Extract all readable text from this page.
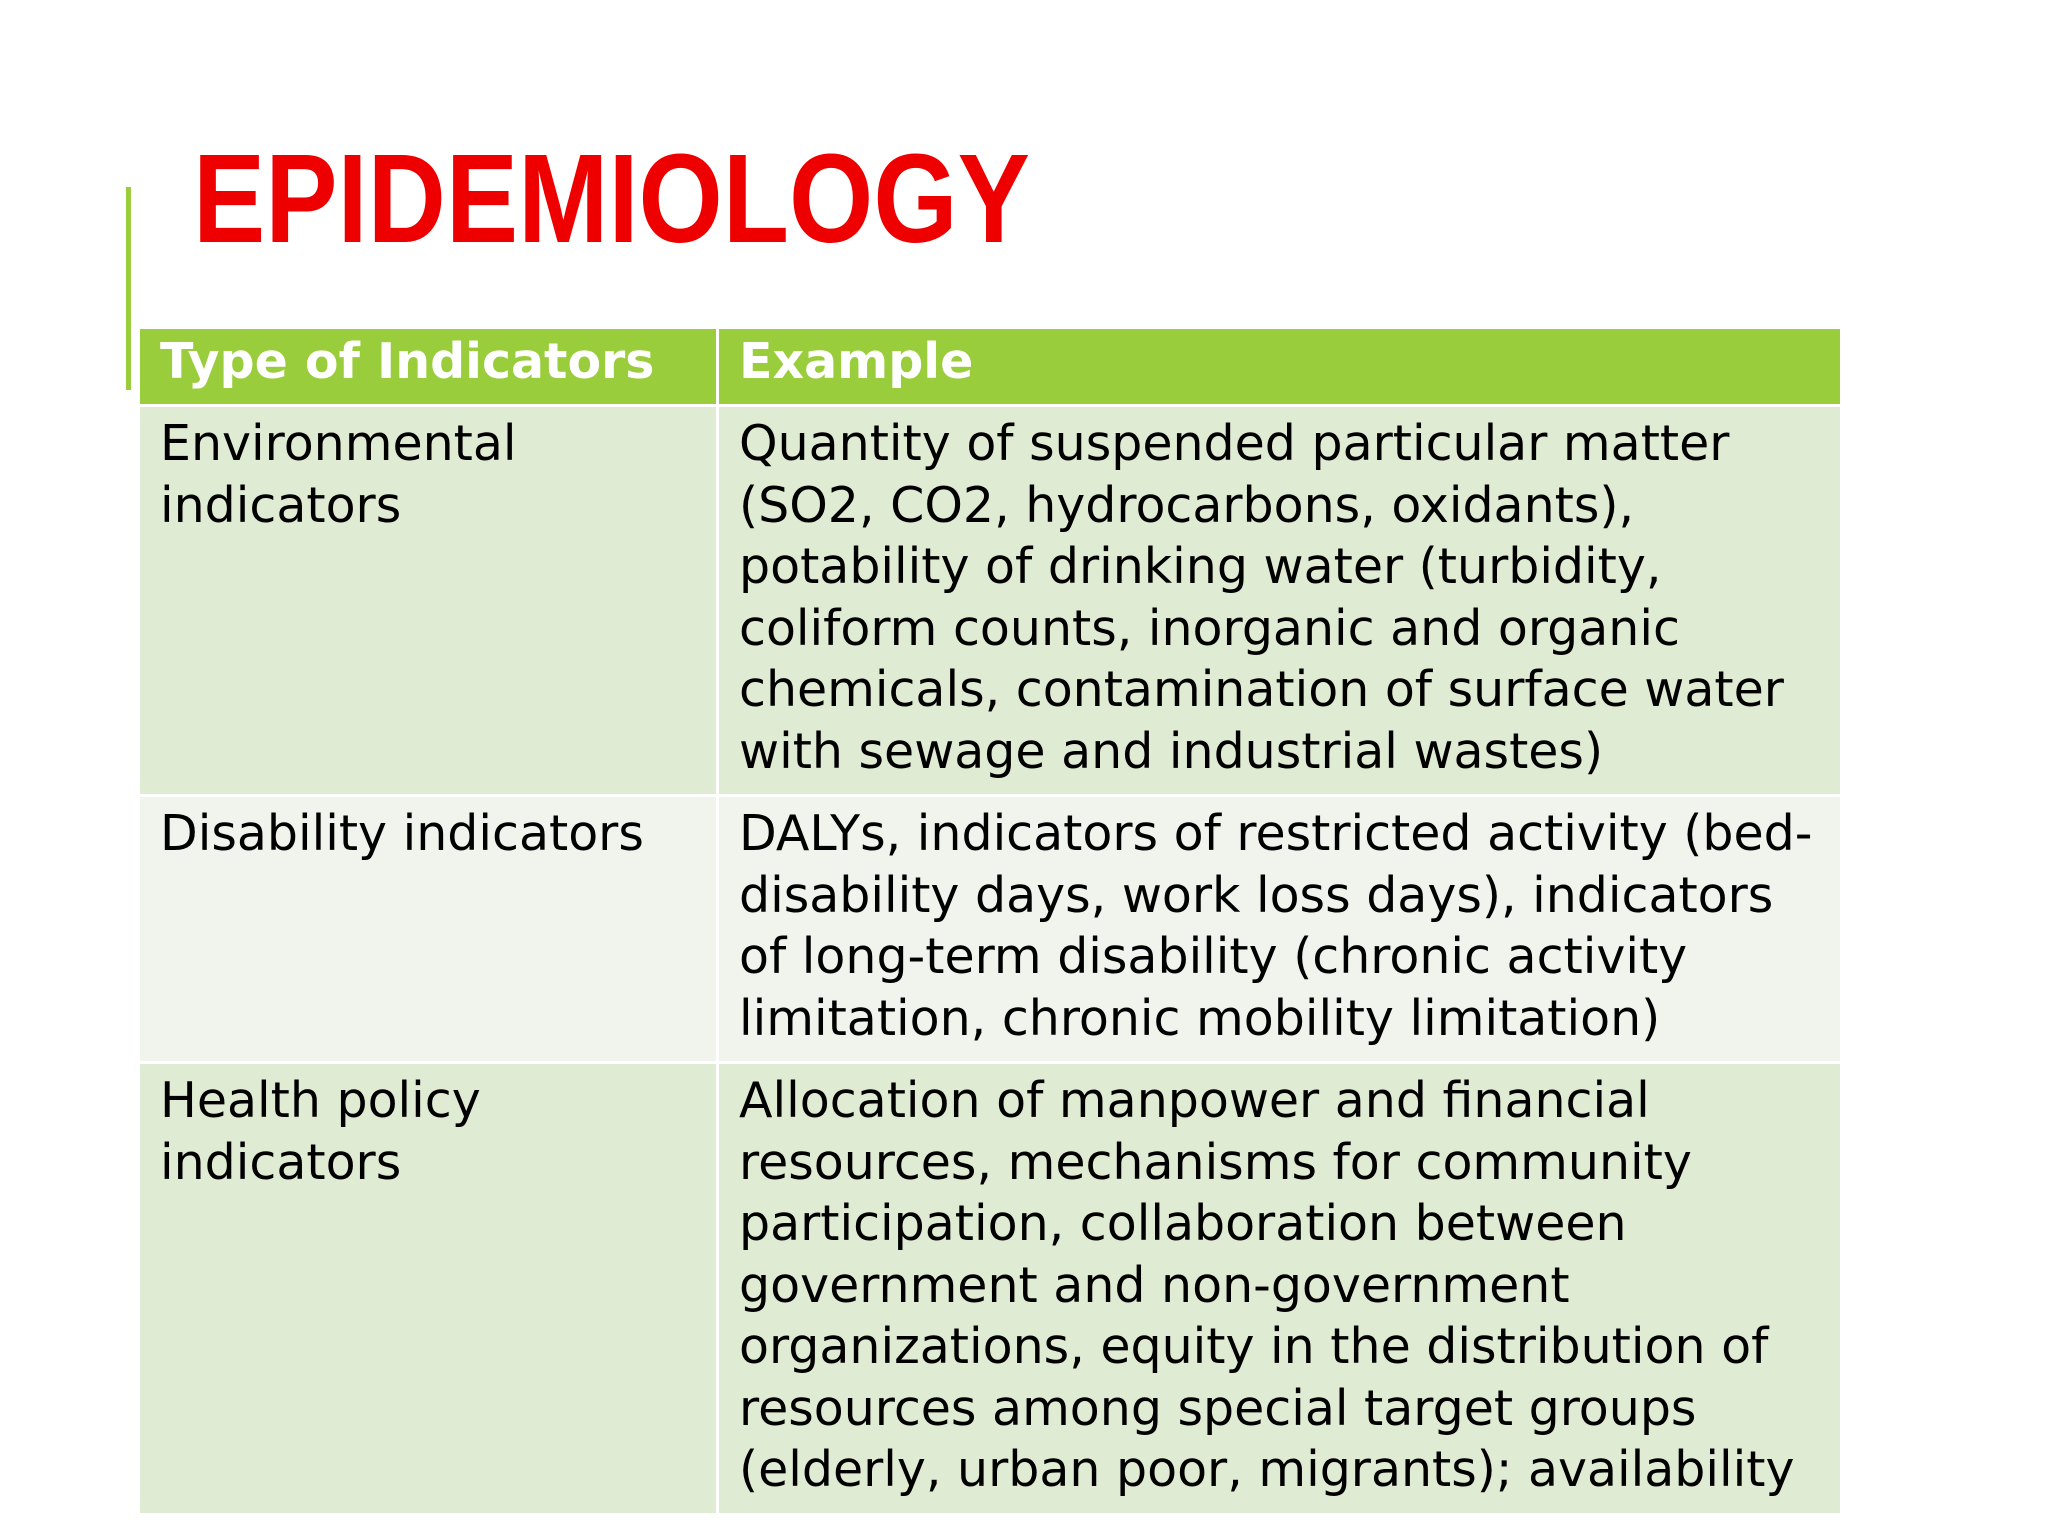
EPIDEMIOLOGY
Type of Indicators	Example
Environmental indicators	Quantity of suspended particular matter (SO2, CO2, hydrocarbons, oxidants), potability of drinking water (turbidity, coliform counts, inorganic and organic chemicals, contamination of surface water with sewage and industrial wastes)
Disability indicators	DALYs, indicators of restricted activity (bed-disability days, work loss days), indicators of long-term disability (chronic activity limitation, chronic mobility limitation)
Health policy indicators	Allocation of manpower and financial resources, mechanisms for community participation, collaboration between government and non-government organizations, equity in the distribution of resources among special target groups (elderly, urban poor, migrants); availability
